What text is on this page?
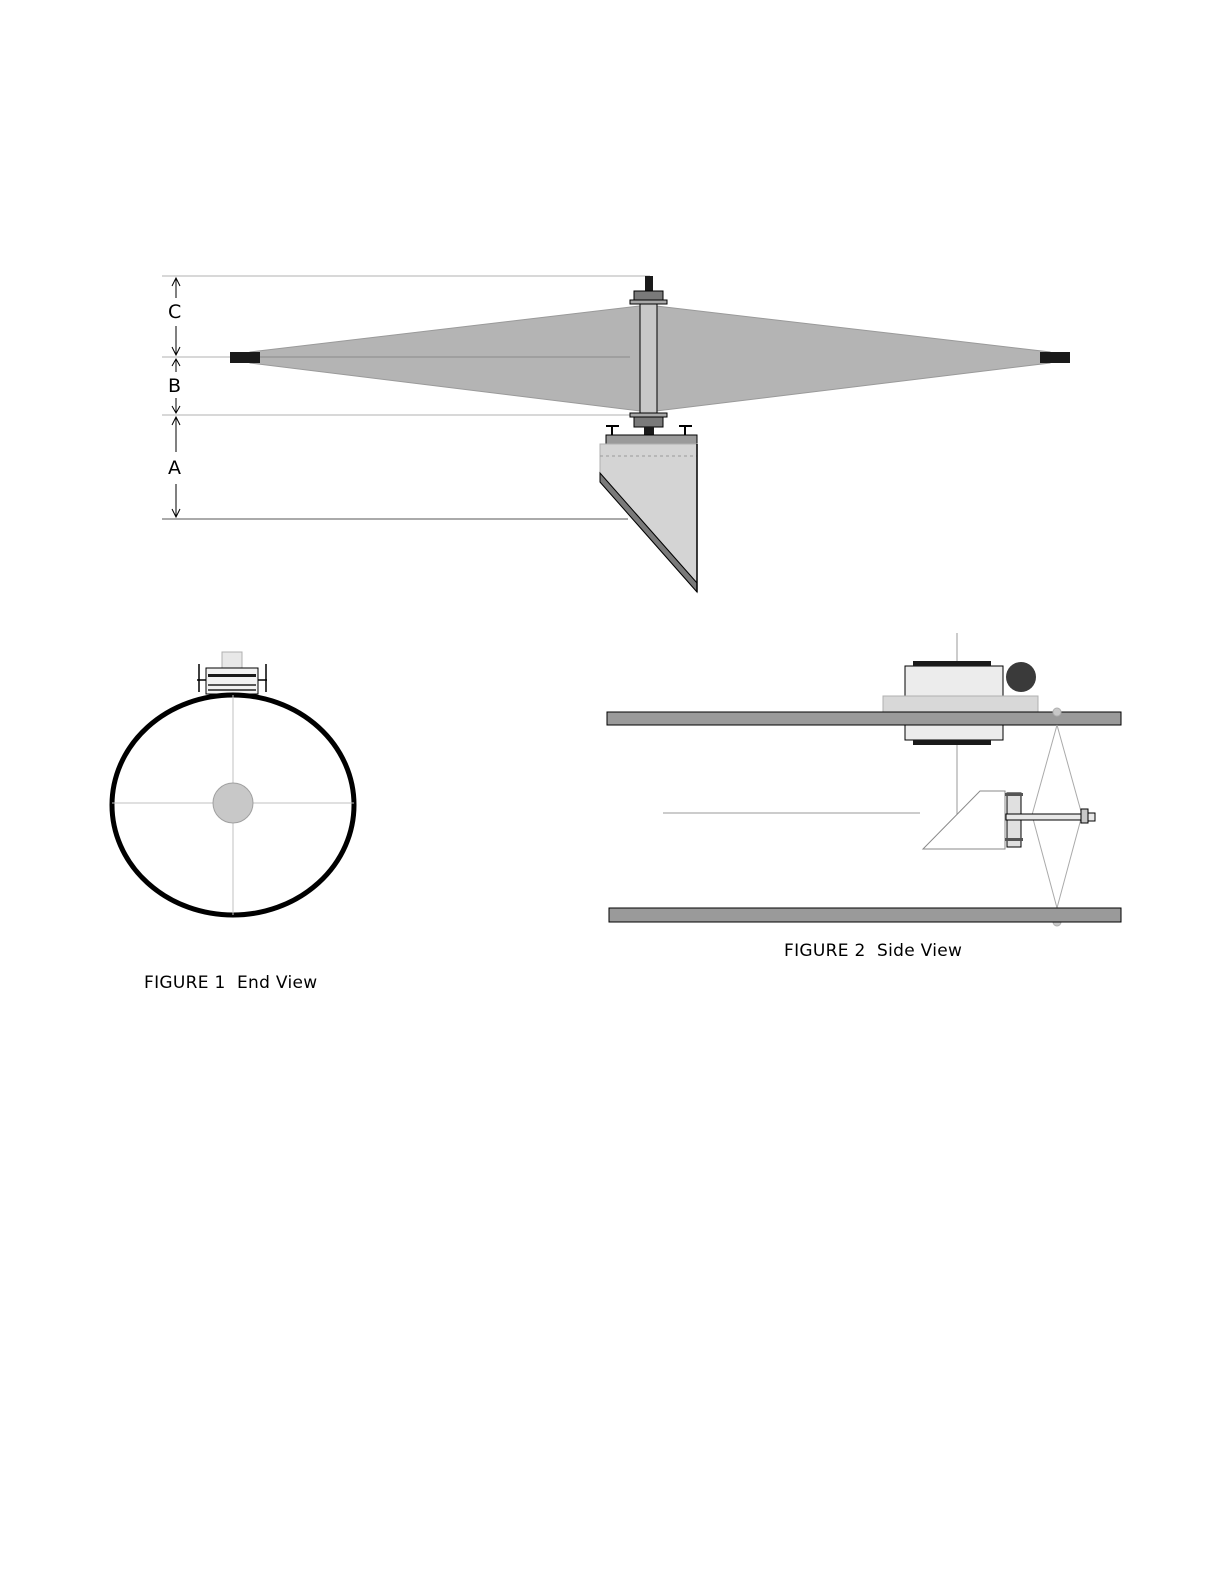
C
B
A
FIGURE 1  End View
FIGURE 2  Side View
